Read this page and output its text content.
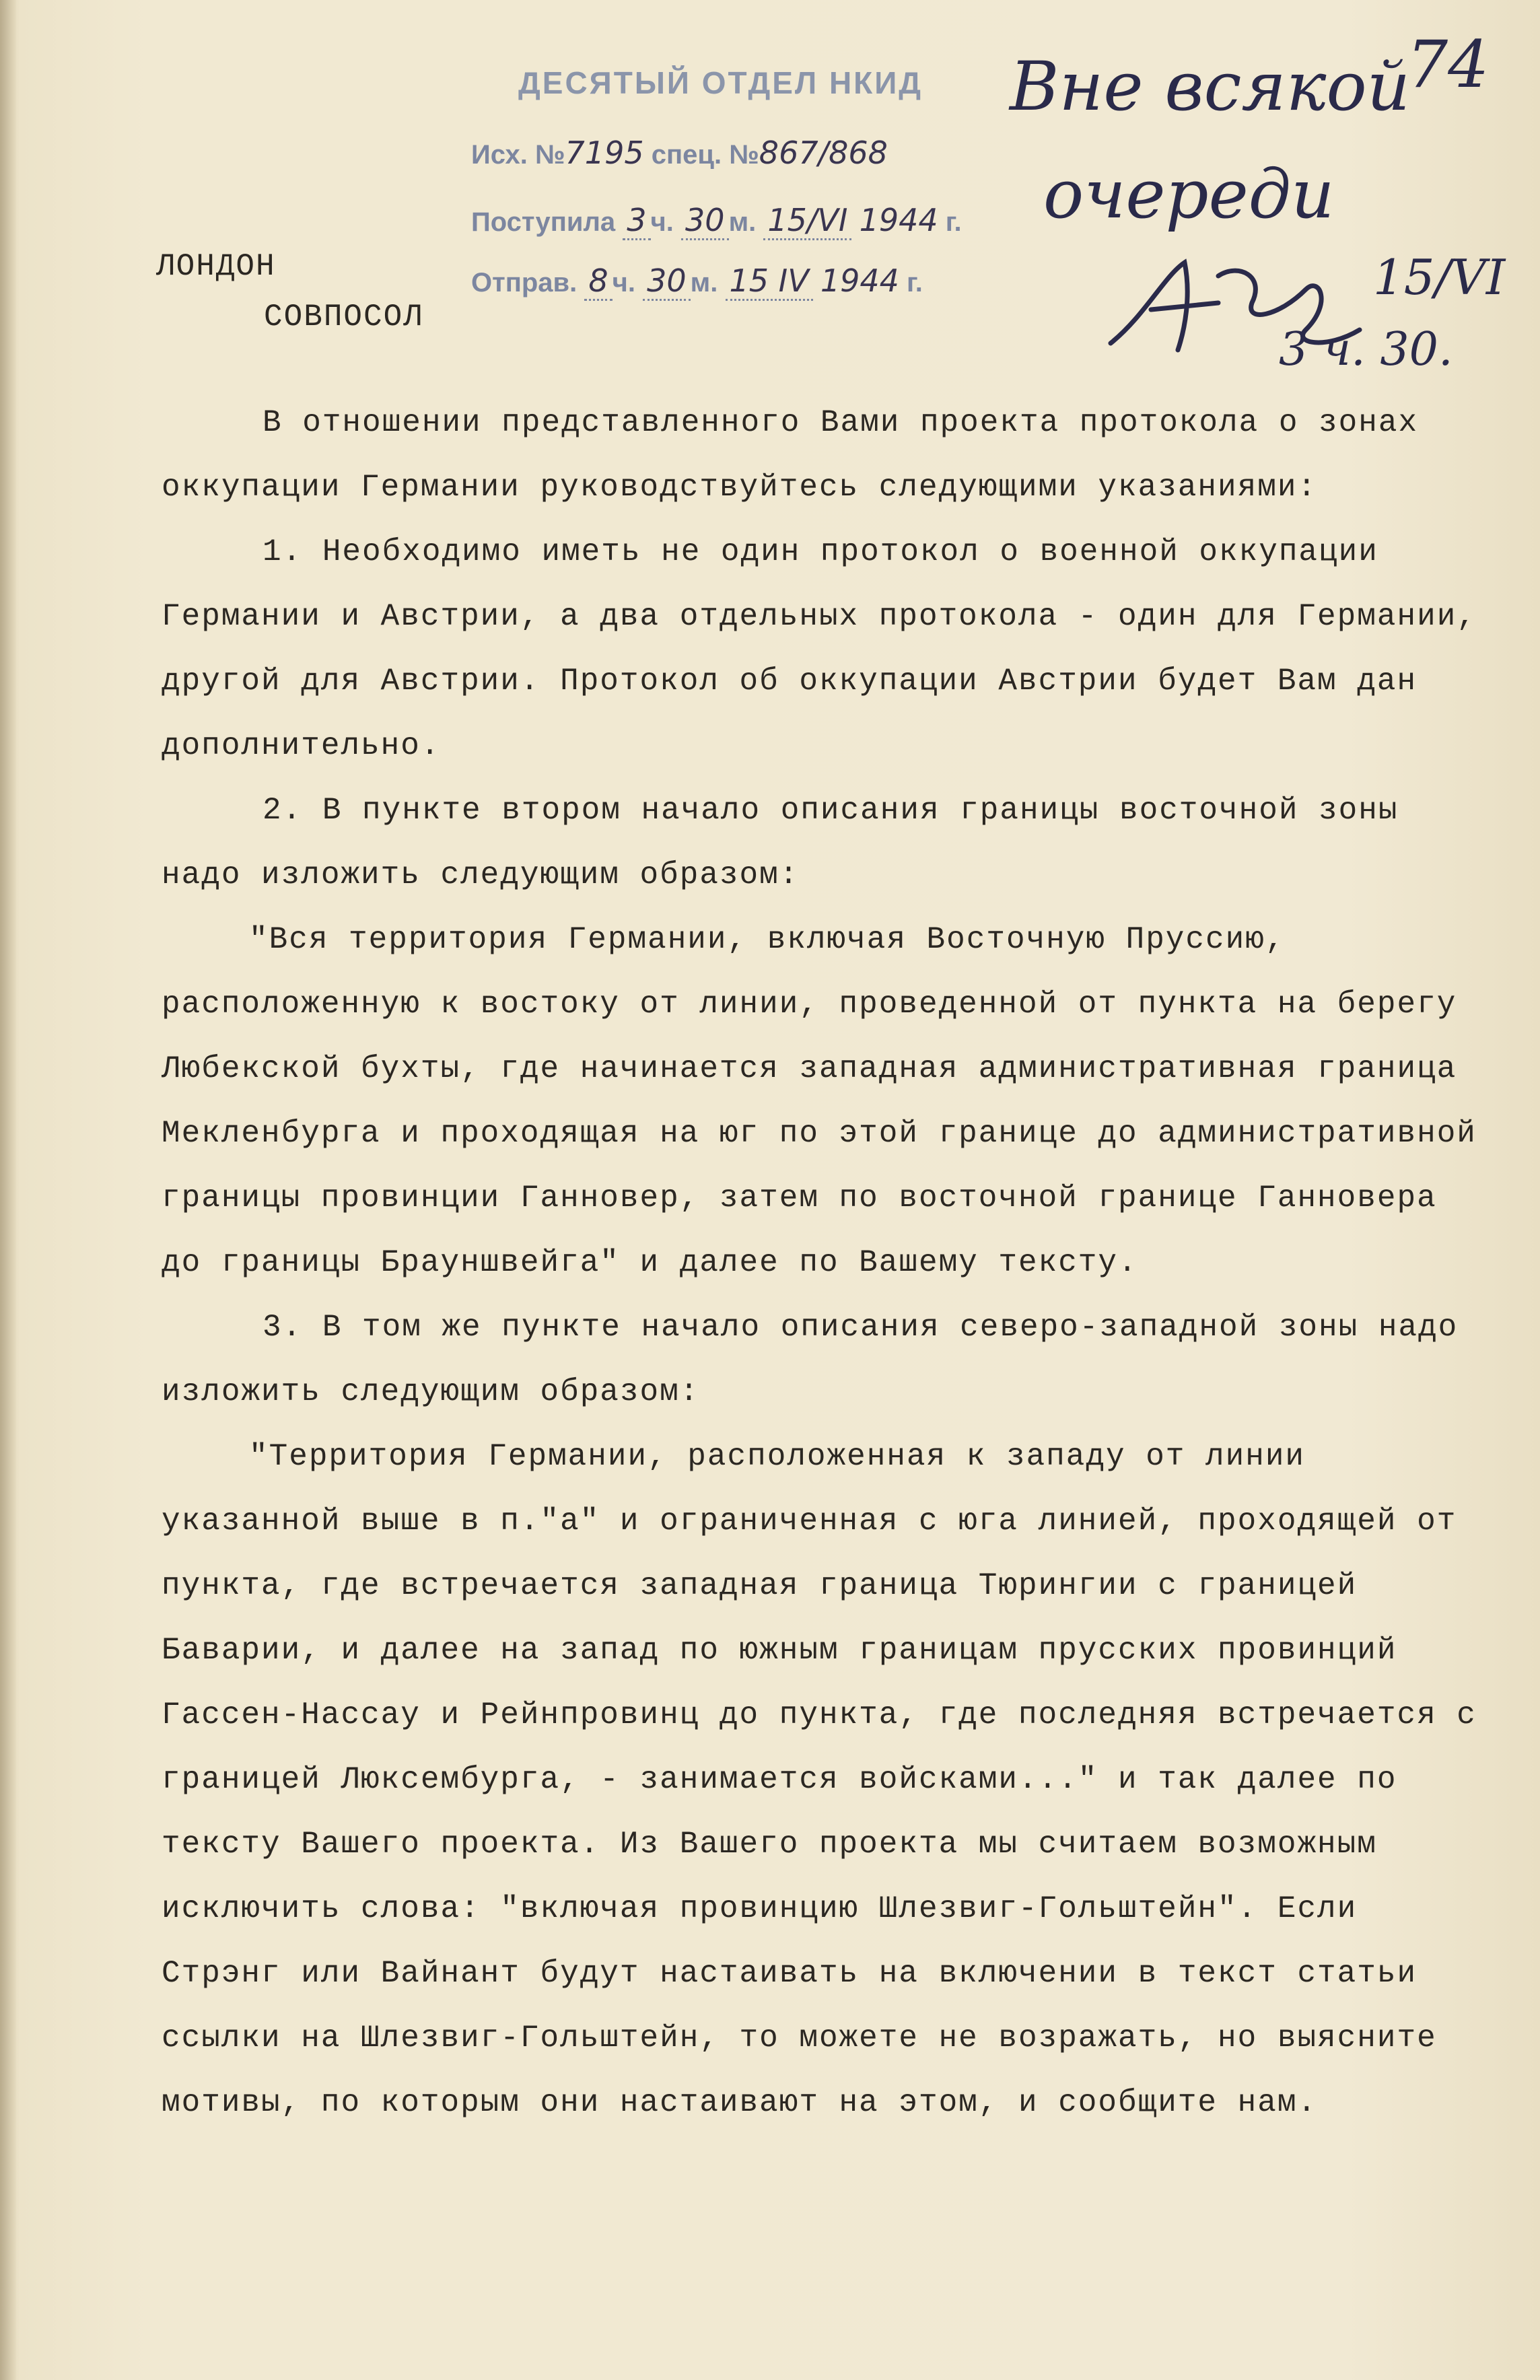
ДЕСЯТЫЙ ОТДЕЛ НКИД
Исх. №7195 спец. №867/868
Поступила 3 ч. 30 м. 15/VI 1944 г.
Отправ. 8 ч. 30 м. 15 IV 1944 г.
Вне всякой
74
очереди
15/VI
3 ч. 30.
ЛОНДОН
СОВПОСОЛ

В отношении представленного Вами проекта протокола о зонах оккупации Германии руководствуйтесь следующими указаниями:

1. Необходимо иметь не один протокол о военной оккупации Германии и Австрии, а два отдельных протокола - один для Германии, другой для Австрии. Протокол об оккупации Австрии будет Вам дан дополнительно.

2. В пункте втором начало описания границы восточной зоны надо изложить следующим образом:

"Вся территория Германии, включая Восточную Пруссию, расположенную к востоку от линии, проведенной от пункта на берегу Любекской бухты, где начинается западная административная граница Мекленбурга и проходящая на юг по этой границе до административной границы провинции Ганновер, затем по восточной границе Ганновера до границы Брауншвейга" и далее по Вашему тексту.

3. В том же пункте начало описания северо-западной зоны надо изложить следующим образом:

"Территория Германии, расположенная к западу от линии указанной выше в п."а" и ограниченная с юга линией, проходящей от пункта, где встречается западная граница Тюрингии с границей Баварии, и далее на запад по южным границам прусских провинций Гассен-Нассау и Рейнпровинц до пункта, где последняя встречается с границей Люксембурга, - занимается войсками..." и так далее по тексту Вашего проекта. Из Вашего проекта мы считаем возможным исключить слова: "включая провинцию Шлезвиг-Гольштейн". Если Стрэнг или Вайнант будут настаивать на включении в текст статьи ссылки на Шлезвиг-Гольштейн, то можете не возражать, но выясните мотивы, по которым они настаивают на этом, и сообщите нам.
